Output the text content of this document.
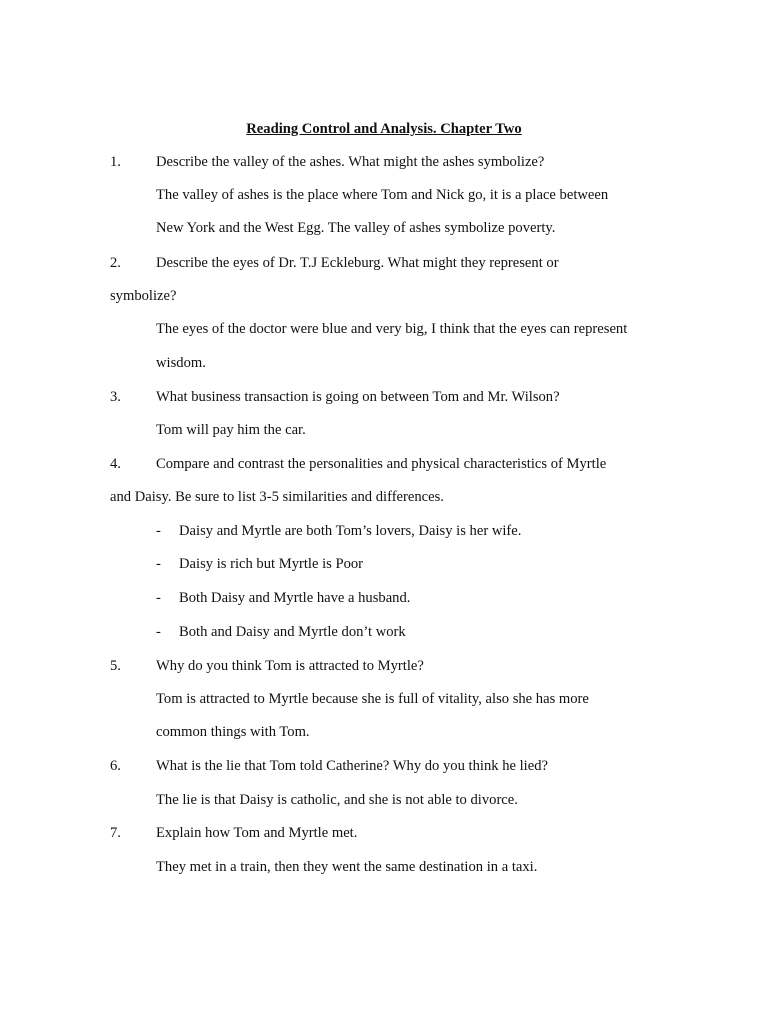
Reading Control and Analysis. Chapter Two
1. Describe the valley of the ashes. What might the ashes symbolize?
The valley of ashes is the place where Tom and Nick go, it is a place between
New York and the West Egg. The valley of ashes symbolize poverty.
2. Describe the eyes of Dr. T.J Eckleburg. What might they represent or
symbolize?
The eyes of the doctor were blue and very big, I think that the eyes can represent
wisdom.
3. What business transaction is going on between Tom and Mr. Wilson?
Tom will pay him the car.
4. Compare and contrast the personalities and physical characteristics of Myrtle
and Daisy. Be sure to list 3-5 similarities and differences.
- Daisy and Myrtle are both Tom’s lovers, Daisy is her wife.
- Daisy is rich but Myrtle is Poor
- Both Daisy and Myrtle have a husband.
- Both and Daisy and Myrtle don’t work
5. Why do you think Tom is attracted to Myrtle?
Tom is attracted to Myrtle because she is full of vitality, also she has more
common things with Tom.
6. What is the lie that Tom told Catherine? Why do you think he lied?
The lie is that Daisy is catholic, and she is not able to divorce.
7. Explain how Tom and Myrtle met.
They met in a train, then they went the same destination in a taxi.
